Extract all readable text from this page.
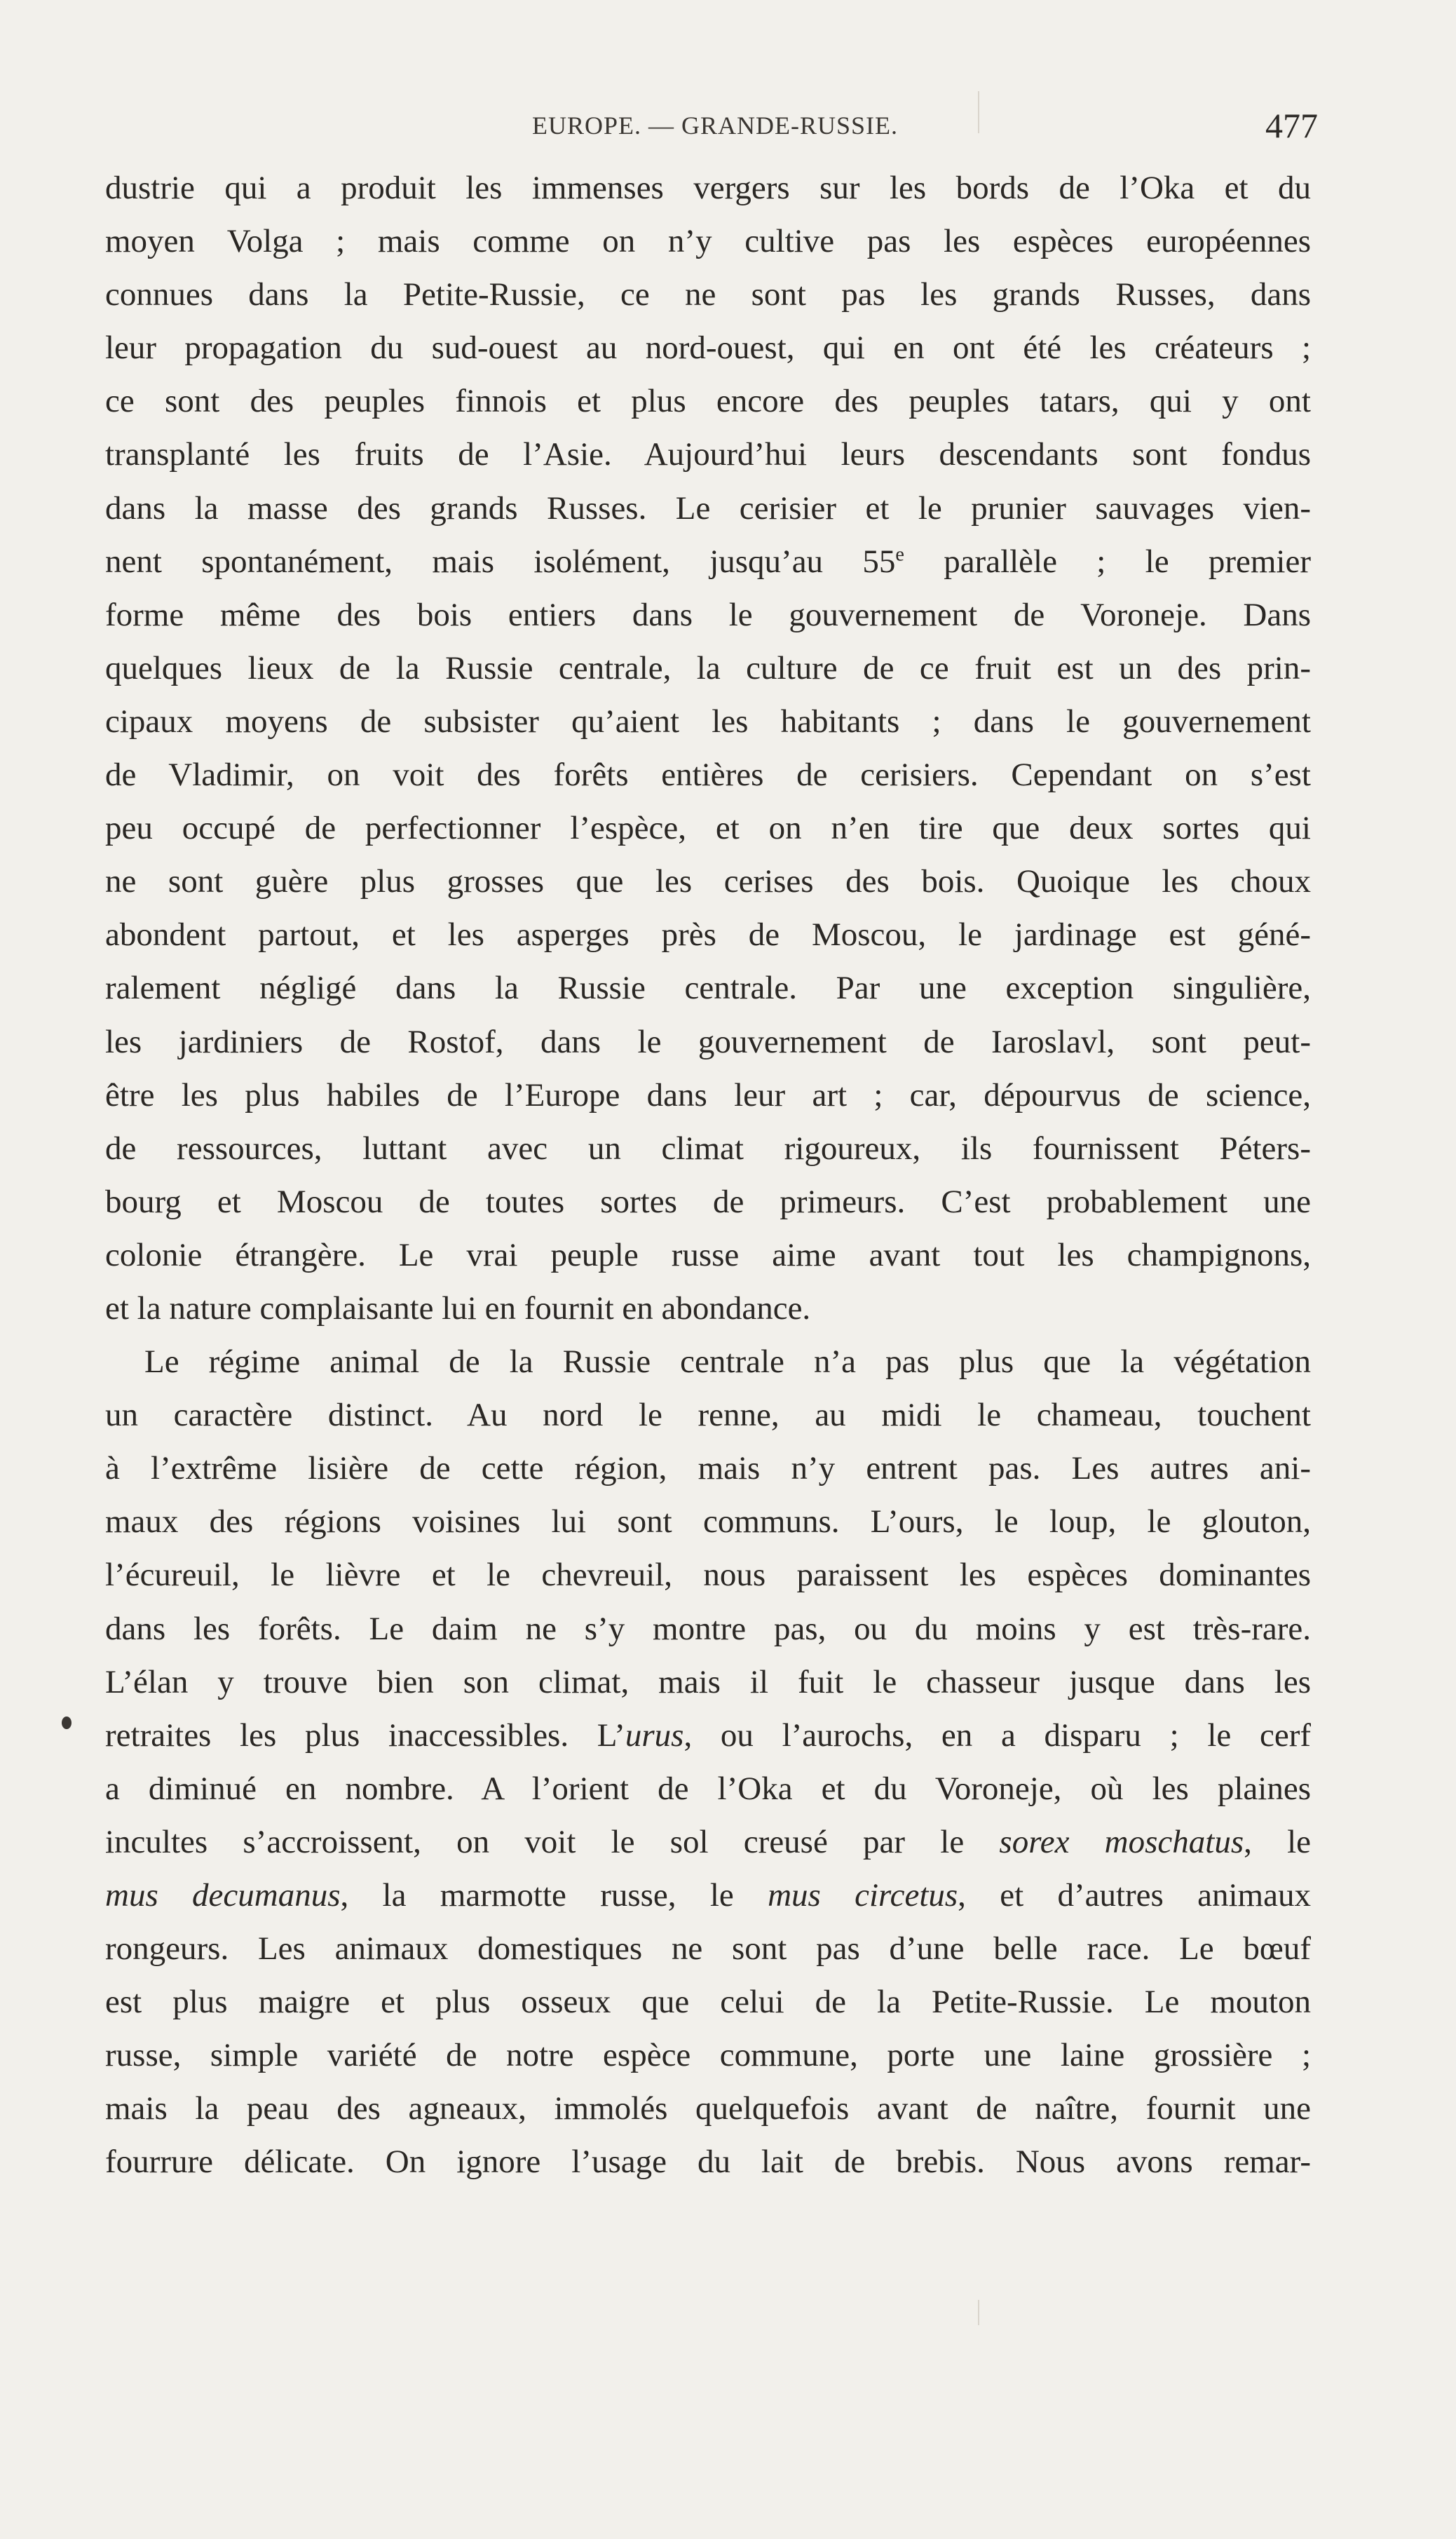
EUROPE. — GRANDE-RUSSIE.	477
dustrie qui a produit les immenses vergers sur les bords de l’Oka et du
moyen Volga ; mais comme on n’y cultive pas les espèces européennes
connues dans la Petite-Russie, ce ne sont pas les grands Russes, dans
leur propagation du sud-ouest au nord-ouest, qui en ont été les créateurs ;
ce sont des peuples finnois et plus encore des peuples tatars, qui y ont
transplanté les fruits de l’Asie. Aujourd’hui leurs descendants sont fondus
dans la masse des grands Russes. Le cerisier et le prunier sauvages vien-
nent spontanément, mais isolément, jusqu’au 55e parallèle ; le premier
forme même des bois entiers dans le gouvernement de Voroneje. Dans
quelques lieux de la Russie centrale, la culture de ce fruit est un des prin-
cipaux moyens de subsister qu’aient les habitants ; dans le gouvernement
de Vladimir, on voit des forêts entières de cerisiers. Cependant on s’est
peu occupé de perfectionner l’espèce, et on n’en tire que deux sortes qui
ne sont guère plus grosses que les cerises des bois. Quoique les choux
abondent partout, et les asperges près de Moscou, le jardinage est géné-
ralement négligé dans la Russie centrale. Par une exception singulière,
les jardiniers de Rostof, dans le gouvernement de Iaroslavl, sont peut-
être les plus habiles de l’Europe dans leur art ; car, dépourvus de science,
de ressources, luttant avec un climat rigoureux, ils fournissent Péters-
bourg et Moscou de toutes sortes de primeurs. C’est probablement une
colonie étrangère. Le vrai peuple russe aime avant tout les champignons,
et la nature complaisante lui en fournit en abondance.
Le régime animal de la Russie centrale n’a pas plus que la végétation
un caractère distinct. Au nord le renne, au midi le chameau, touchent
à l’extrême lisière de cette région, mais n’y entrent pas. Les autres ani-
maux des régions voisines lui sont communs. L’ours, le loup, le glouton,
l’écureuil, le lièvre et le chevreuil, nous paraissent les espèces dominantes
dans les forêts. Le daim ne s’y montre pas, ou du moins y est très-rare.
L’élan y trouve bien son climat, mais il fuit le chasseur jusque dans les
retraites les plus inaccessibles. L’urus, ou l’aurochs, en a disparu ; le cerf
a diminué en nombre. A l’orient de l’Oka et du Voroneje, où les plaines
incultes s’accroissent, on voit le sol creusé par le sorex moschatus, le
mus decumanus, la marmotte russe, le mus circetus, et d’autres animaux
rongeurs. Les animaux domestiques ne sont pas d’une belle race. Le bœuf
est plus maigre et plus osseux que celui de la Petite-Russie. Le mouton
russe, simple variété de notre espèce commune, porte une laine grossière ;
mais la peau des agneaux, immolés quelquefois avant de naître, fournit une
fourrure délicate. On ignore l’usage du lait de brebis. Nous avons remar-
